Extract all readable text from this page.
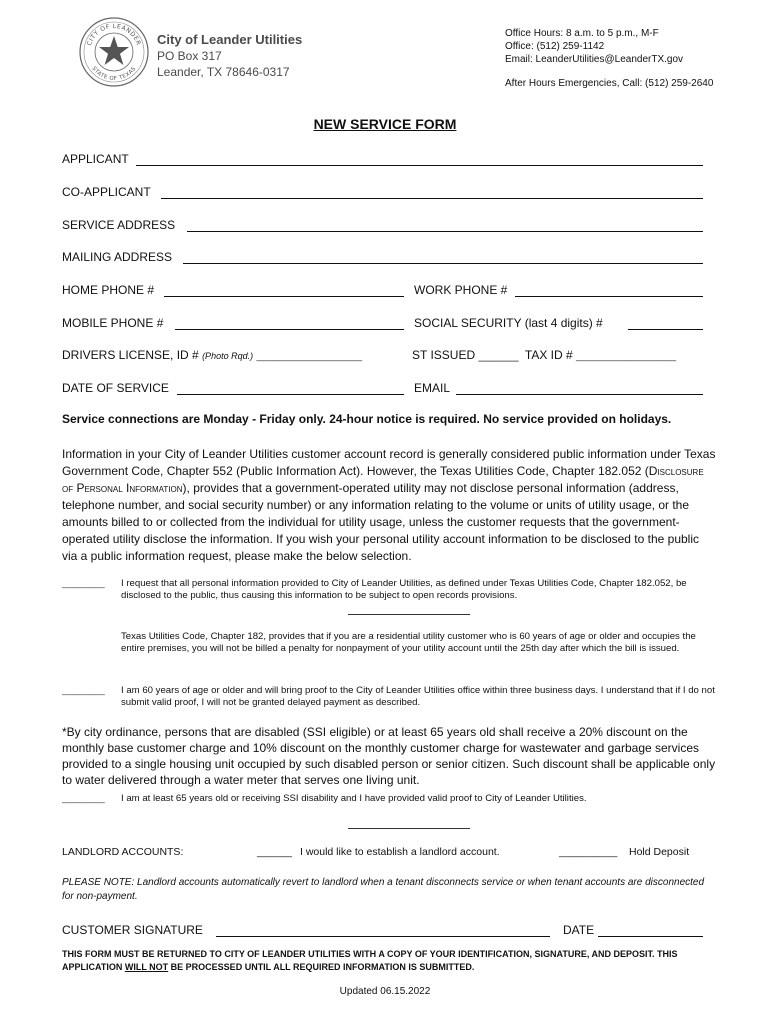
CITY OF LEANDER
STATE OF TEXAS
City of Leander Utilities
PO Box 317
Leander, TX 78646-0317
Office Hours: 8 a.m. to 5 p.m., M-F
Office: (512) 259-1142
Email: LeanderUtilities@LeanderTX.gov
After Hours Emergencies, Call: (512) 259-2640
NEW SERVICE FORM
APPLICANT
CO-APPLICANT
SERVICE ADDRESS
MAILING ADDRESS
HOME PHONE #	WORK PHONE #
MOBILE PHONE #	SOCIAL SECURITY (last 4 digits) #
DRIVERS LICENSE, ID # (Photo Rqd.) ___________________	ST ISSUED ______ TAX ID # __________________
DATE OF SERVICE	EMAIL
Service connections are Monday - Friday only. 24-hour notice is required. No service provided on holidays.
Information in your City of Leander Utilities customer account record is generally considered public information under Texas Government Code, Chapter 552 (Public Information Act). However, the Texas Utilities Code, Chapter 182.052 (Disclosure of Personal Information), provides that a government-operated utility may not disclose personal information (address, telephone number, and social security number) or any information relating to the volume or units of utility usage, or the amounts billed to or collected from the individual for utility usage, unless the customer requests that the government-operated utility disclose the information. If you wish your personal utility account information to be disclosed to the public via a public information request, please make the below selection.
________ I request that all personal information provided to City of Leander Utilities, as defined under Texas Utilities Code, Chapter 182.052, be disclosed to the public, thus causing this information to be subject to open records provisions.
Texas Utilities Code, Chapter 182, provides that if you are a residential utility customer who is 60 years of age or older and occupies the entire premises, you will not be billed a penalty for nonpayment of your utility account until the 25th day after which the bill is issued.
________ I am 60 years of age or older and will bring proof to the City of Leander Utilities office within three business days. I understand that if I do not submit valid proof, I will not be granted delayed payment as described.
*By city ordinance, persons that are disabled (SSI eligible) or at least 65 years old shall receive a 20% discount on the monthly base customer charge and 10% discount on the monthly customer charge for wastewater and garbage services provided to a single housing unit occupied by such disabled person or senior citizen. Such discount shall be applicable only to water delivered through a water meter that serves one living unit.
________ I am at least 65 years old or receiving SSI disability and I have provided valid proof to City of Leander Utilities.
LANDLORD ACCOUNTS:	______ I would like to establish a landlord account.	__________ Hold Deposit
PLEASE NOTE: Landlord accounts automatically revert to landlord when a tenant disconnects service or when tenant accounts are disconnected for non-payment.
CUSTOMER SIGNATURE	DATE
THIS FORM MUST BE RETURNED TO CITY OF LEANDER UTILITIES WITH A COPY OF YOUR IDENTIFICATION, SIGNATURE, AND DEPOSIT. THIS APPLICATION WILL NOT BE PROCESSED UNTIL ALL REQUIRED INFORMATION IS SUBMITTED.
Updated 06.15.2022
